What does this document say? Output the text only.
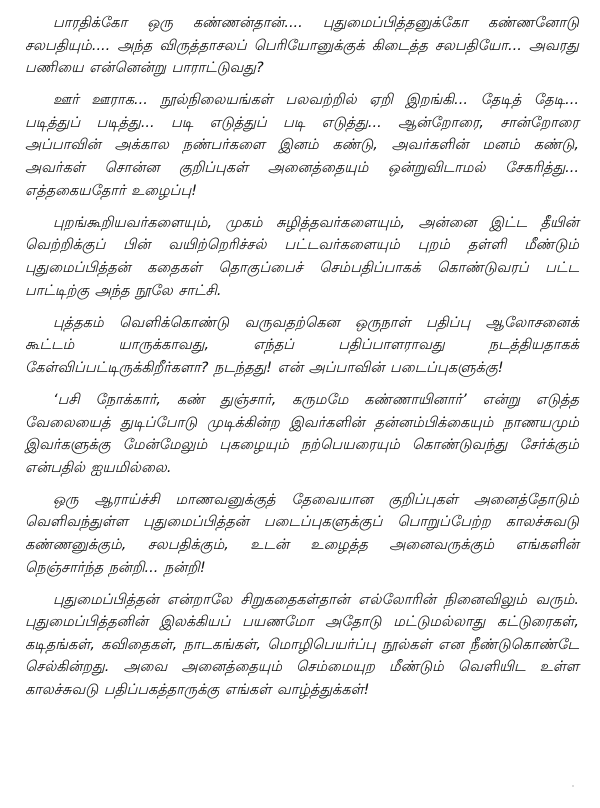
பாரதிக்கோ ஒரு கண்ணன்தான்.... புதுமைப்பித்தனுக்கோ கண்ணனோடு சலபதியும்.... அந்த விருத்தாசலப் பெரியோனுக்குக் கிடைத்த சலபதியோ... அவரது பணியை என்னென்று பாராட்டுவது?

ஊர் ஊராக... நூல்நிலையங்கள் பலவற்றில் ஏறி இறங்கி... தேடித் தேடி... படித்துப் படித்து... படி எடுத்துப் படி எடுத்து... ஆன்றோரை, சான்றோரை அப்பாவின் அக்கால நண்பர்களை இனம் கண்டு, அவர்களின் மனம் கண்டு, அவர்கள் சொன்ன குறிப்புகள் அனைத்தையும் ஒன்றுவிடாமல் சேகரித்து... எத்தகையதோர் உழைப்பு!

புறங்கூறியவர்களையும், முகம் சுழித்தவர்களையும், அன்னை இட்ட தீயின் வெற்றிக்குப் பின் வயிற்றெரிச்சல் பட்டவர்களையும் புறம் தள்ளி மீண்டும் புதுமைப்பித்தன் கதைகள் தொகுப்பைச் செம்பதிப்பாகக் கொண்டுவரப் பட்ட பாட்டிற்கு அந்த நூலே சாட்சி.

புத்தகம் வெளிக்கொண்டு வருவதற்கென ஒருநாள் பதிப்பு ஆலோசனைக் கூட்டம் யாருக்காவது, எந்தப் பதிப்பாளராவது நடத்தியதாகக் கேள்விப்பட்டிருக்கிறீர்களா? நடந்தது! என் அப்பாவின் படைப்புகளுக்கு!

‘பசி நோக்கார், கண் துஞ்சார், கருமமே கண்ணாயினார்’ என்று எடுத்த வேலையைத் துடிப்போடு முடிக்கின்ற இவர்களின் தன்னம்பிக்கையும் நாணயமும் இவர்களுக்கு மேன்மேலும் புகழையும் நற்பெயரையும் கொண்டுவந்து சேர்க்கும் என்பதில் ஐயமில்லை.

ஒரு ஆராய்ச்சி மாணவனுக்குத் தேவையான குறிப்புகள் அனைத்தோடும் வெளிவந்துள்ள புதுமைப்பித்தன் படைப்புகளுக்குப் பொறுப்பேற்ற காலச்சுவடு கண்ணனுக்கும், சலபதிக்கும், உடன் உழைத்த அனைவருக்கும் எங்களின் நெஞ்சார்ந்த நன்றி... நன்றி!

புதுமைப்பித்தன் என்றாலே சிறுகதைகள்தான் எல்லோரின் நினைவிலும் வரும். புதுமைப்பித்தனின் இலக்கியப் பயணமோ அதோடு மட்டுமல்லாது கட்டுரைகள், கடிதங்கள், கவிதைகள், நாடகங்கள், மொழிபெயர்ப்பு நூல்கள் என நீண்டுகொண்டே செல்கின்றது. அவை அனைத்தையும் செம்மையுற மீண்டும் வெளியிட உள்ள காலச்சுவடு பதிப்பகத்தாருக்கு எங்கள் வாழ்த்துக்கள்!
